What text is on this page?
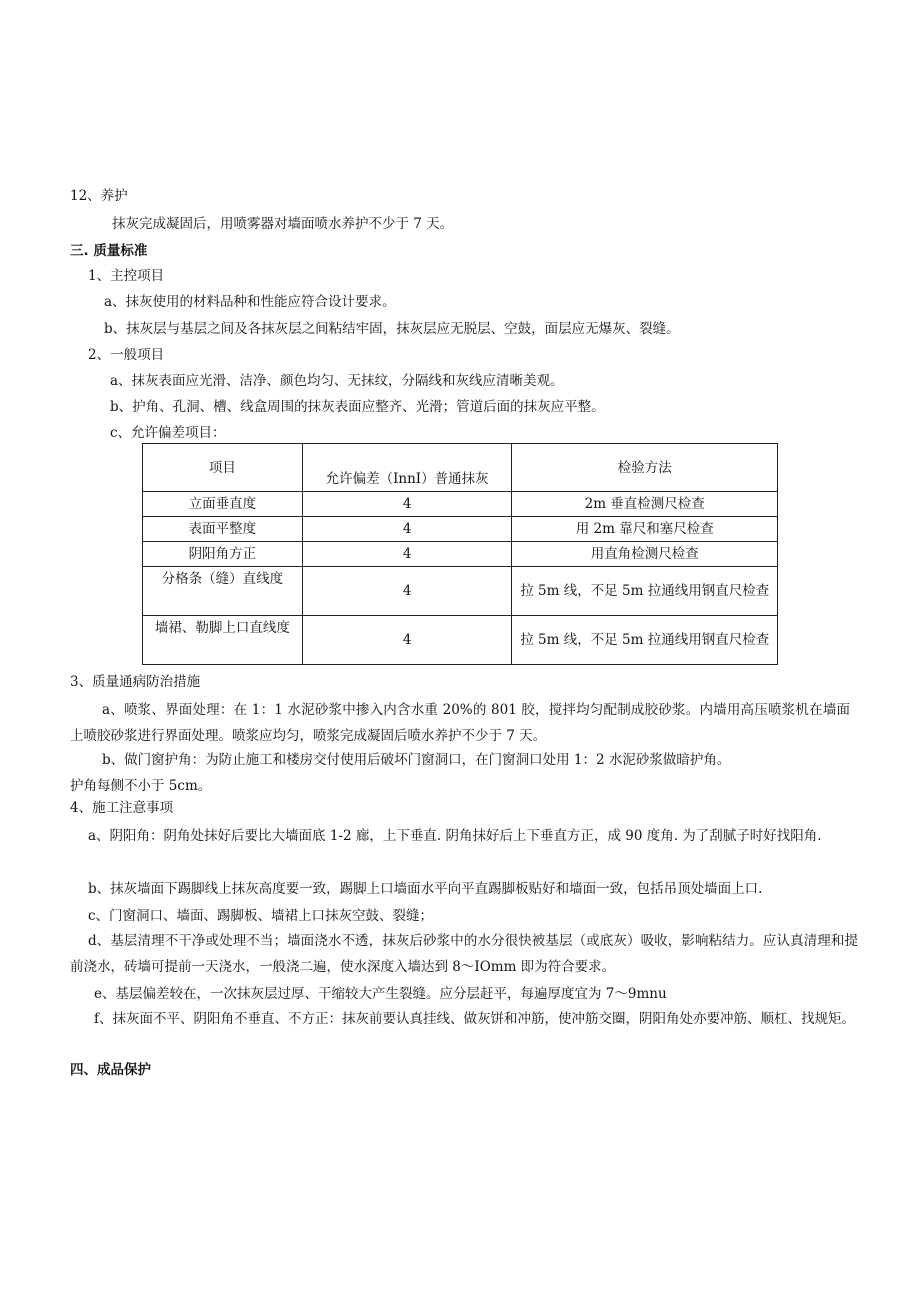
12、养护
抹灰完成凝固后，用喷雾器对墙面喷水养护不少于 7 天。
三. 质量标准
1、主控项目
a、抹灰使用的材料品种和性能应符合设计要求。
b、抹灰层与基层之间及各抹灰层之间粘结牢固，抹灰层应无脱层、空鼓，面层应无爆灰、裂缝。
2、一般项目
a、抹灰表面应光滑、洁净、颜色均匀、无抹纹，分隔线和灰线应清晰美观。
b、护角、孔洞、槽、线盒周围的抹灰表面应整齐、光滑；管道后面的抹灰应平整。
c、允许偏差项目：
项目	允许偏差（InnI）普通抹灰	检验方法
立面垂直度	4	2m 垂直检测尺检查
表面平整度	4	用 2m 靠尺和塞尺检查
阴阳角方正	4	用直角检测尺检查
分格条（缝）直线度	4	拉 5m 线，不足 5m 拉通线用钢直尺检查
墙裙、勒脚上口直线度	4	拉 5m 线，不足 5m 拉通线用钢直尺检查
3、质量通病防治措施
a、喷浆、界面处理：在 1：1 水泥砂浆中掺入内含水重 20%的 801 胶，搅拌均匀配制成胶砂浆。内墙用高压喷浆机在墙面上喷胶砂浆进行界面处理。喷浆应均匀，喷浆完成凝固后喷水养护不少于 7 天。
b、做门窗护角：为防止施工和楼房交付使用后破坏门窗洞口，在门窗洞口处用 1：2 水泥砂浆做暗护角。
护角每侧不小于 5cm。
4、施工注意事项
a、阴阳角：阴角处抹好后要比大墙面底 1-2 廊，上下垂直. 阴角抹好后上下垂直方正，成 90 度角. 为了刮腻子时好找阳角.
b、抹灰墙面下踢脚线上抹灰高度要一致，踢脚上口墙面水平向平直踢脚板贴好和墙面一致，包括吊顶处墙面上口.
c、门窗洞口、墙面、踢脚板、墙裙上口抹灰空鼓、裂缝；
d、基层清理不干净或处理不当；墙面浇水不透，抹灰后砂浆中的水分很快被基层（或底灰）吸收，影响粘结力。应认真清理和提前浇水，砖墙可提前一天浇水，一般浇二遍，使水深度入墙达到 8～IOmm 即为符合要求。
e、基层偏差较在，一次抹灰层过厚、干缩较大产生裂缝。应分层赶平，每遍厚度宜为 7～9mnu
f、抹灰面不平、阴阳角不垂直、不方正：抹灰前要认真挂线、做灰饼和冲筋，使冲筋交圈，阴阳角处亦要冲筋、顺杠、找规矩。
四、成品保护
